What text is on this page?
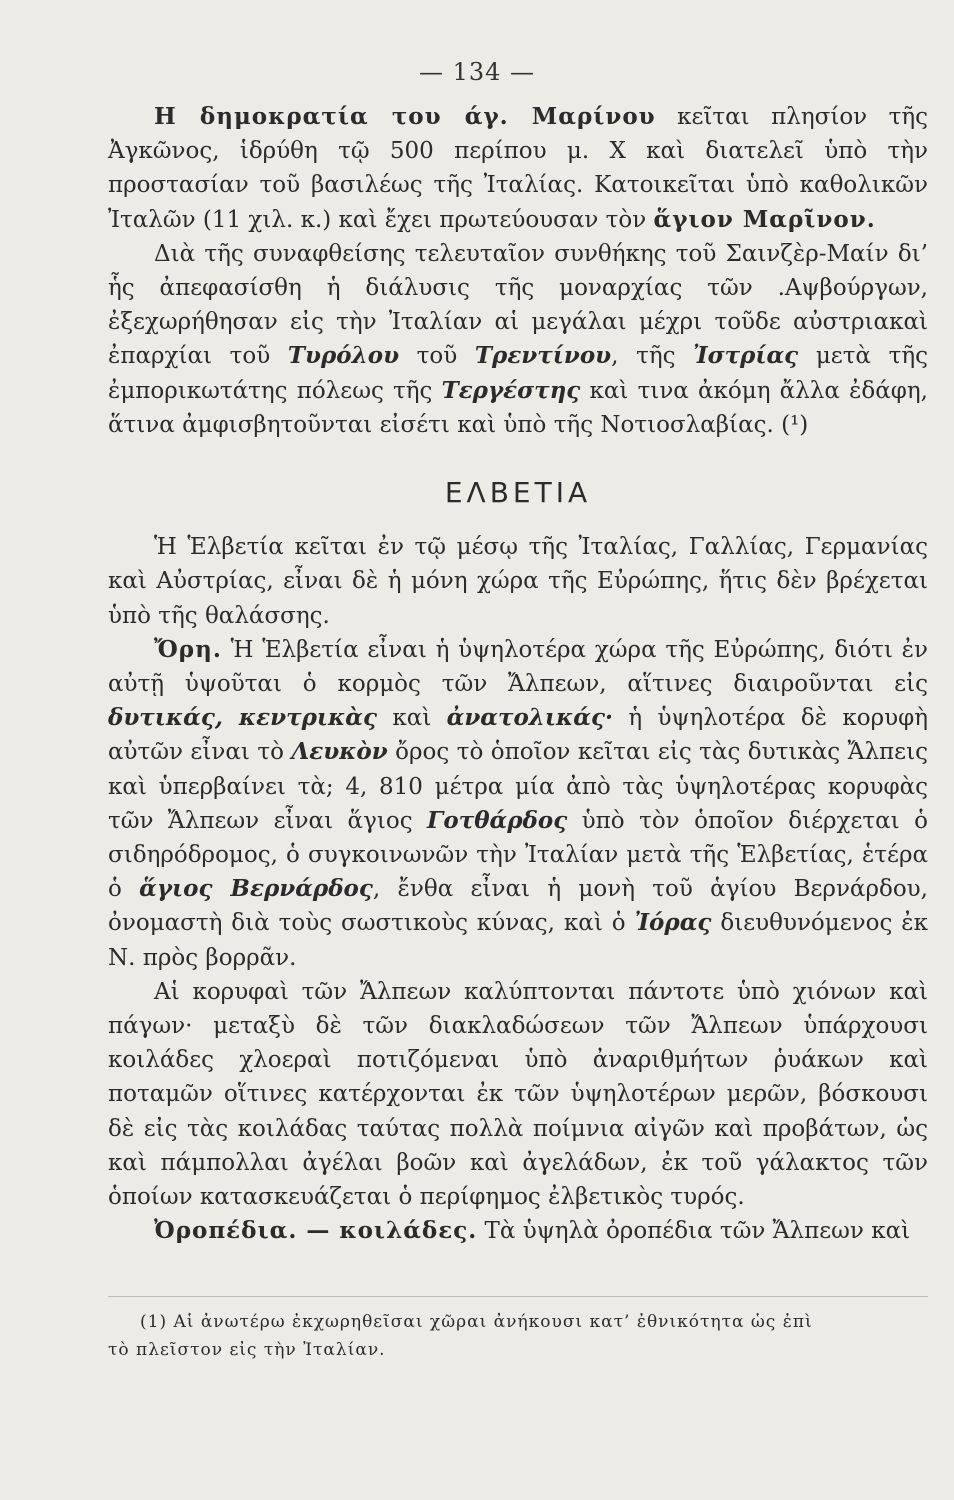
— 134 —

Η δημοκρατία του άγ. Μαρίνου κεῖται πλησίον τῆς Ἀγκῶνος, ἱδρύθη τῷ 500 περίπου μ. Χ καὶ διατελεῖ ὑπὸ τὴν προστασίαν τοῦ βασιλέως τῆς Ἰταλίας. Κατοικεῖται ὑπὸ καθολικῶν Ἰταλῶν (11 χιλ. κ.) καὶ ἔχει πρωτεύουσαν τὸν ἅγιον Μαρῖνον.

Διὰ τῆς συναφθείσης τελευταῖον συνθήκης τοῦ Σαινζὲρ-Μαίν δι’ ἧς ἀπεφασίσθη ἡ διάλυσις τῆς μοναρχίας τῶν .Αψβούργων, ἐξεχωρήθησαν εἰς τὴν Ἰταλίαν αἱ μεγάλαι μέχρι τοῦδε αὐστριακαὶ ἐπαρχίαι τοῦ Τυρόλου τοῦ Τρεντίνου, τῆς Ἰστρίας μετὰ τῆς ἐμπορικωτάτης πόλεως τῆς Τεργέστης καὶ τινα ἀκόμη ἄλλα ἐδάφη, ἅτινα ἀμφισβητοῦνται εἰσέτι καὶ ὑπὸ τῆς Νοτιοσλαβίας. (¹)

ΕΛΒΕΤΙΑ

Ἡ Ἑλβετία κεῖται ἐν τῷ μέσῳ τῆς Ἰταλίας, Γαλλίας, Γερμανίας καὶ Αὐστρίας, εἶναι δὲ ἡ μόνη χώρα τῆς Εὐρώπης, ἥτις δὲν βρέχεται ὑπὸ τῆς θαλάσσης.

Ὄρη. Ἡ Ἑλβετία εἶναι ἡ ὑψηλοτέρα χώρα τῆς Εὐρώπης, διότι ἐν αὐτῇ ὑψοῦται ὁ κορμὸς τῶν Ἄλπεων, αἵτινες διαιροῦνται εἰς δυτικάς, κεντρικὰς καὶ ἀνατολικάς· ἡ ὑψηλοτέρα δὲ κορυφὴ αὐτῶν εἶναι τὸ Λευκὸν ὄρος τὸ ὁποῖον κεῖται εἰς τὰς δυτικὰς Ἄλπεις καὶ ὑπερβαίνει τὰ; 4, 810 μέτρα μία ἀπὸ τὰς ὑψηλοτέρας κορυφὰς τῶν Ἄλπεων εἶναι ἅγιος Γοτθάρδος ὑπὸ τὸν ὁποῖον διέρχεται ὁ σιδηρόδρομος, ὁ συγκοινωνῶν τὴν Ἰταλίαν μετὰ τῆς Ἑλβετίας, ἑτέρα ὁ ἅγιος Βερνάρδος, ἔνθα εἶναι ἡ μονὴ τοῦ ἁγίου Βερνάρδου, ὀνομαστὴ διὰ τοὺς σωστικοὺς κύνας, καὶ ὁ Ἰόρας διευθυνόμενος ἐκ Ν. πρὸς βορρᾶν.

Αἱ κορυφαὶ τῶν Ἄλπεων καλύπτονται πάντοτε ὑπὸ χιόνων καὶ πάγων· μεταξὺ δὲ τῶν διακλαδώσεων τῶν Ἄλπεων ὑπάρχουσι κοιλάδες χλοεραὶ ποτιζόμεναι ὑπὸ ἀναριθμήτων ῥυάκων καὶ ποταμῶν οἵτινες κατέρχονται ἐκ τῶν ὑψηλοτέρων μερῶν, βόσκουσι δὲ εἰς τὰς κοιλάδας ταύτας πολλὰ ποίμνια αἰγῶν καὶ προβάτων, ὡς καὶ πάμπολλαι ἀγέλαι βοῶν καὶ ἀγελάδων, ἐκ τοῦ γάλακτος τῶν ὁποίων κατασκευάζεται ὁ περίφημος ἐλβετικὸς τυρός.

Ὀροπέδια. — κοιλάδες. Τὰ ὑψηλὰ ὀροπέδια τῶν Ἄλπεων καὶ

(1) Αἱ ἀνωτέρω ἐκχωρηθεῖσαι χῶραι ἀνήκουσι κατ’ ἐθνικότητα ὡς ἐπὶ

τὸ πλεῖστον εἰς τὴν Ἰταλίαν.
